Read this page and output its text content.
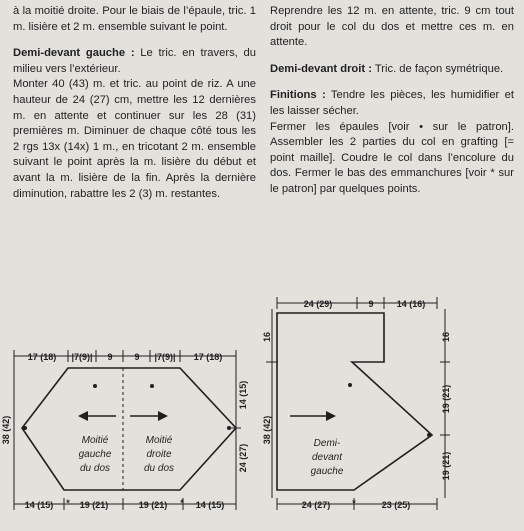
à la moitié droite. Pour le biais de l’épaule, tric. 1 m. lisière et 2 m. ensemble suivant le point.

Demi-devant gauche : Le tric. en travers, du milieu vers l’extérieur.
Monter 40 (43) m. et tric. au point de riz. A une hauteur de 24 (27) cm, mettre les 12 dernières m. en attente et continuer sur les 28 (31) premières m. Diminuer de chaque côté tous les 2 rgs 13x (14x) 1 m., en tricotant 2 m. ensemble suivant le point après la m. lisière du début et avant la m. lisière de la fin. Après la dernière diminution, rabattre les 2 (3) m. restantes.

Reprendre les 12 m. en attente, tric. 9 cm tout droit pour le col du dos et mettre ces m. en attente.

Demi-devant droit : Tric. de façon symétrique.

Finitions : Tendre les pièces, les humidifier et les laisser sécher.
Fermer les épaules [voir • sur le patron]. Assembler les 2 parties du col en grafting [= point maille]. Coudre le col dans l’encolure du dos. Fermer le bas des emmanchures [voir * sur le patron] par quelques points.

17 (18) |7(9)| 9 9 |7(9)| 17 (18)
14 (15) * 19 (21)	19 (21) * 14 (15)
38 (42)
14 (15)
24 (27)
Moitié
gauche
du dos
Moitié
droite
du dos
24 (29)	9	14 (16)
24 (27) *	23 (25)
16
38 (42)
16
19 (21)
19 (21)
Demi-
devant
gauche
